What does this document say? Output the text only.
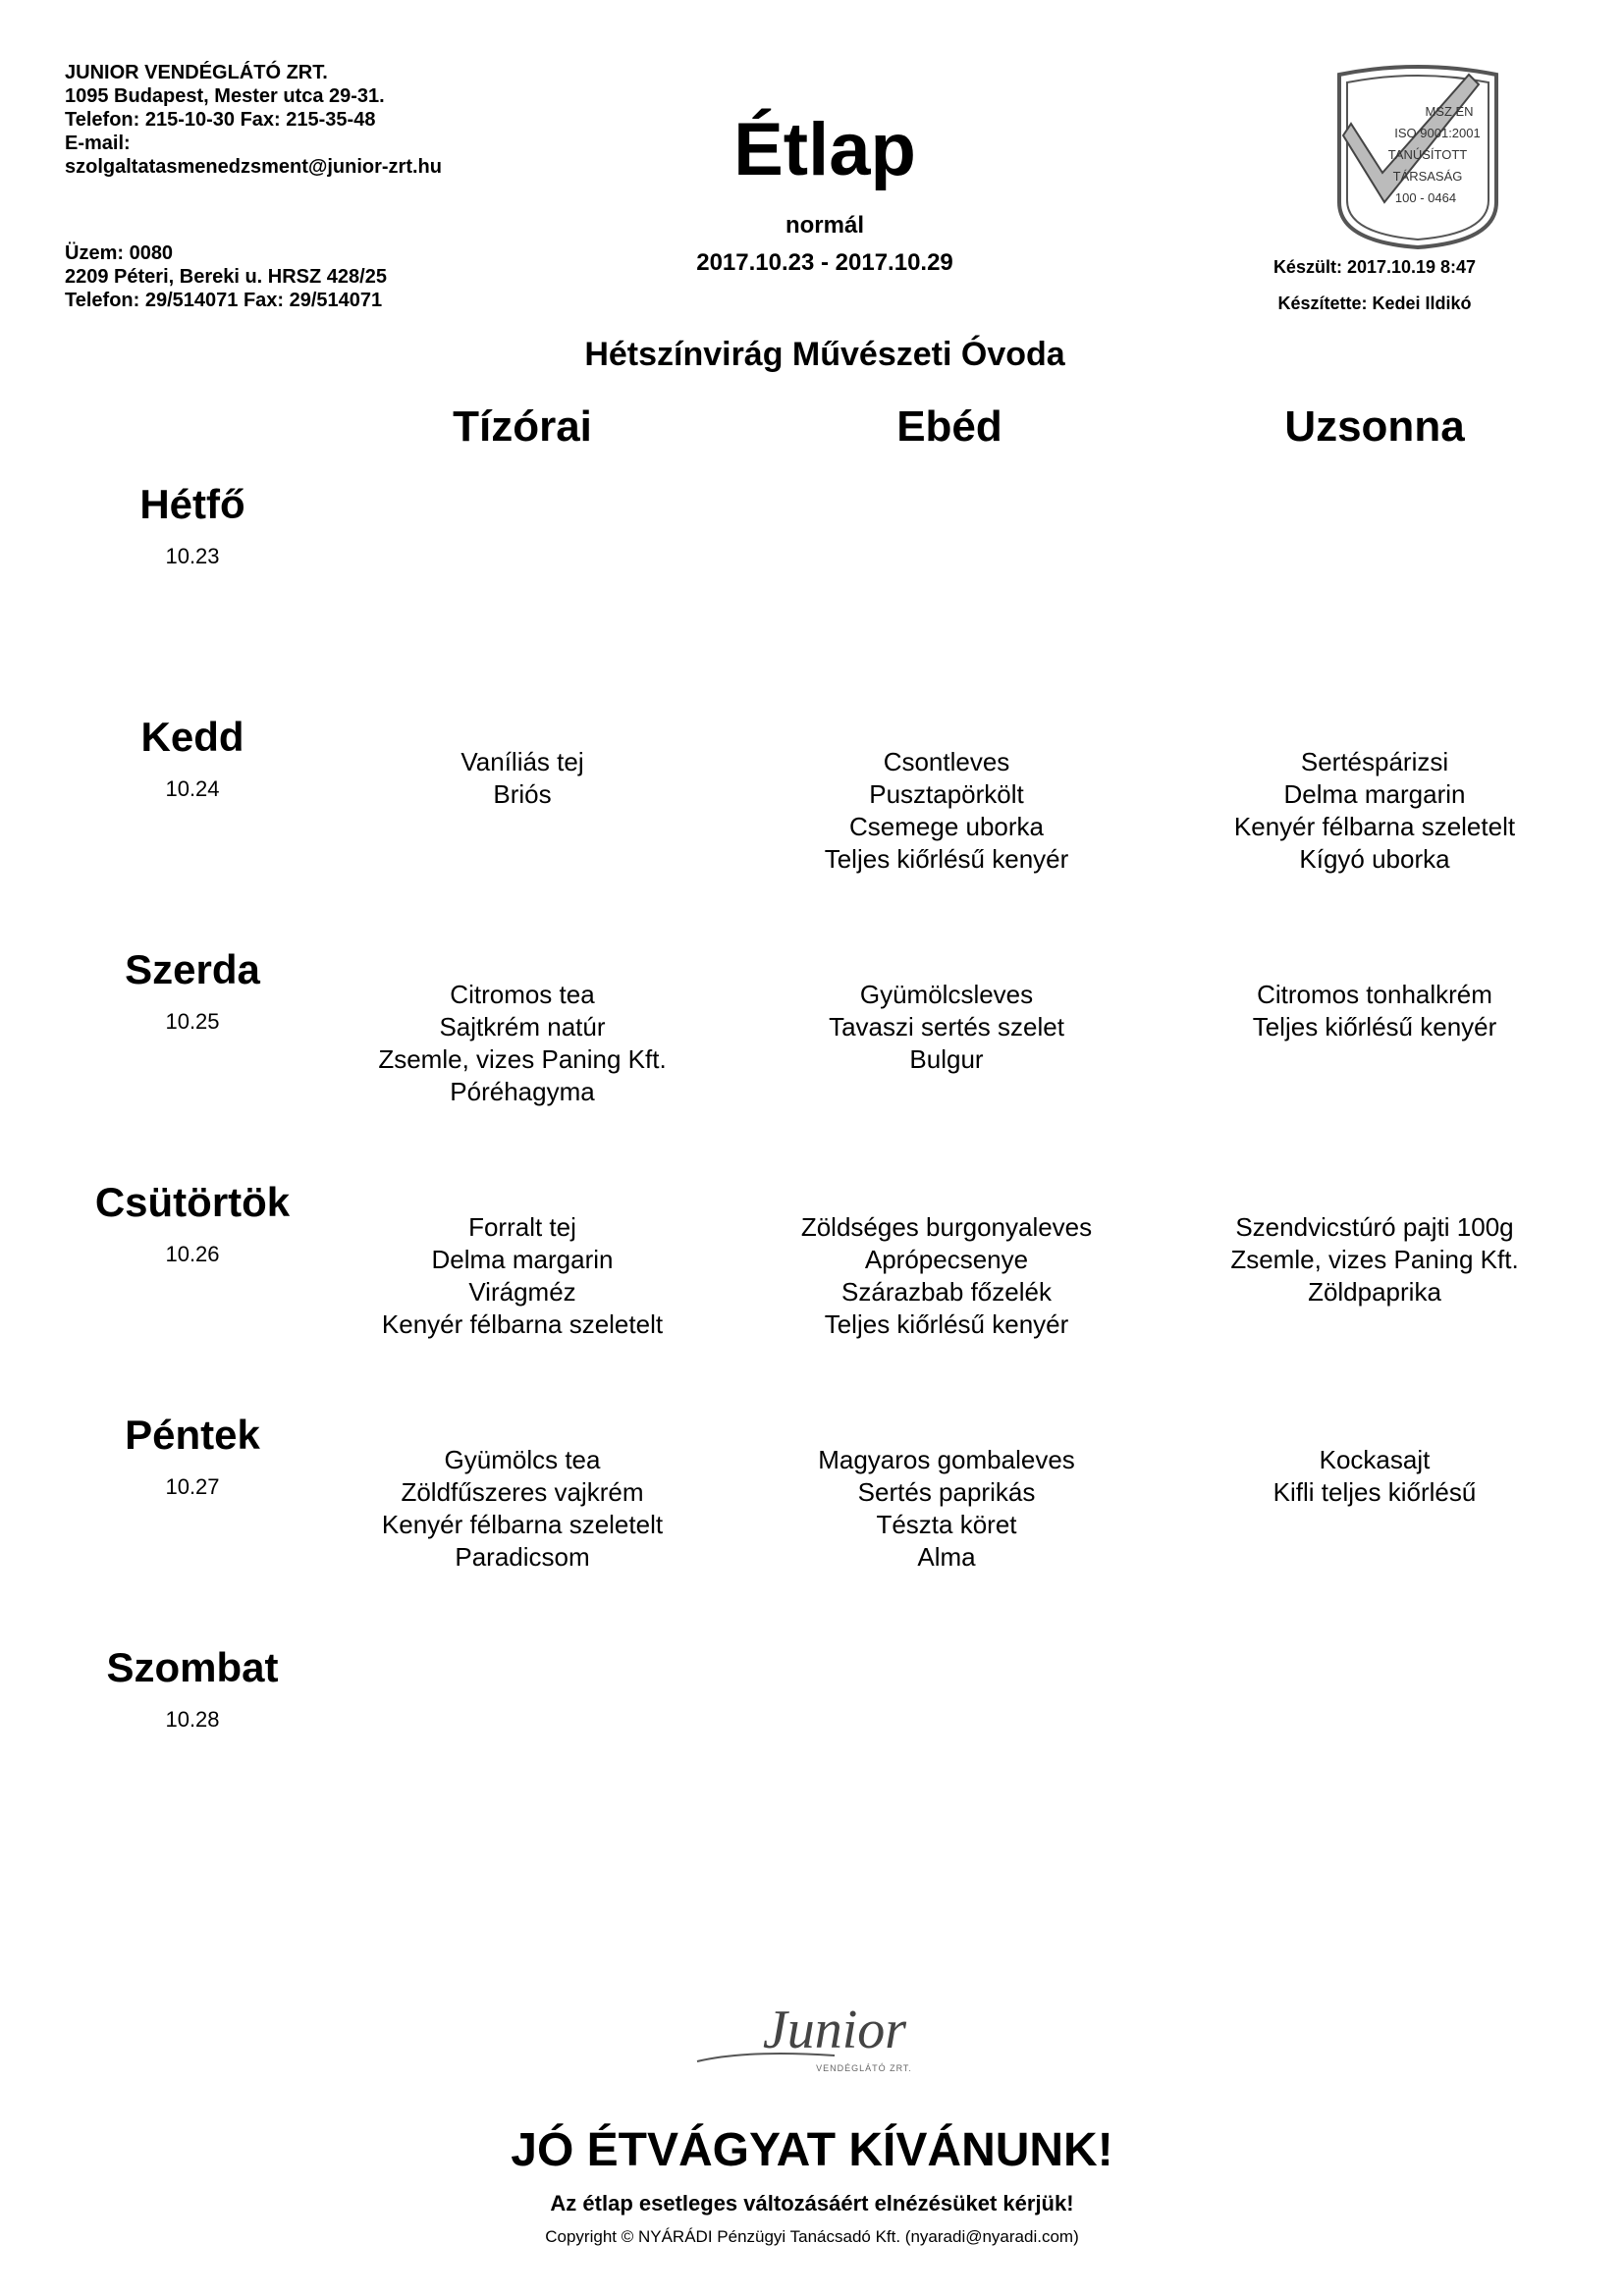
JUNIOR VENDÉGLÁTÓ ZRT.
1095 Budapest, Mester utca 29-31.
Telefon: 215-10-30 Fax: 215-35-48
E-mail:
szolgaltatasmenedzsment@junior-zrt.hu
Üzem: 0080
2209 Péteri, Bereki u. HRSZ 428/25
Telefon: 29/514071 Fax: 29/514071
Étlap
normál
2017.10.23 - 2017.10.29
MSZ EN
ISO 9001:2001
TANÚSÍTOTT
TÁRSASÁG
100 - 0464
Készült: 2017.10.19 8:47
Készítette: Kedei Ildikó
Hétszínvirág Művészeti Óvoda
Tízórai	Ebéd	Uzsonna
Hétfő
10.23
Kedd
10.24
Vaníliás tej
Briós
Csontleves
Pusztapörkölt
Csemege uborka
Teljes kiőrlésű kenyér
Sertéspárizsi
Delma margarin
Kenyér félbarna szeletelt
Kígyó uborka
Szerda
10.25
Citromos tea
Sajtkrém natúr
Zsemle, vizes Paning Kft.
Póréhagyma
Gyümölcsleves
Tavaszi sertés szelet
Bulgur
Citromos tonhalkrém
Teljes kiőrlésű kenyér
Csütörtök
10.26
Forralt tej
Delma margarin
Virágméz
Kenyér félbarna szeletelt
Zöldséges burgonyaleves
Aprópecsenye
Szárazbab főzelék
Teljes kiőrlésű kenyér
Szendvicstúró pajti 100g
Zsemle, vizes Paning Kft.
Zöldpaprika
Péntek
10.27
Gyümölcs tea
Zöldfűszeres vajkrém
Kenyér félbarna szeletelt
Paradicsom
Magyaros gombaleves
Sertés paprikás
Tészta köret
Alma
Kockasajt
Kifli teljes kiőrlésű
Szombat
10.28
Junior
VENDÉGLÁTÓ ZRT.
JÓ ÉTVÁGYAT KÍVÁNUNK!
Az étlap esetleges változásáért elnézésüket kérjük!
Copyright © NYÁRÁDI Pénzügyi Tanácsadó Kft. (nyaradi@nyaradi.com)
